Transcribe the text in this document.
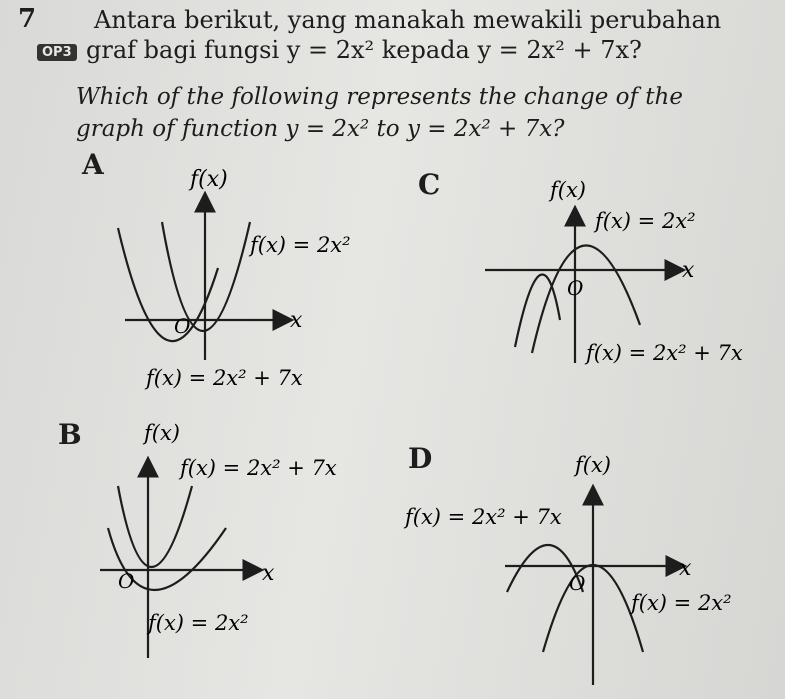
7 Antara berikut, yang manakah mewakili perubahan
OP3 graf bagi fungsi y = 2x² kepada y = 2x² + 7x?
Which of the following represents the change of the
graph of function y = 2x² to y = 2x² + 7x?
A	f(x)
x
O
f(x) = 2x²
f(x) = 2x² + 7x
C	f(x)
x
O
f(x) = 2x²
f(x) = 2x² + 7x
B	f(x)
x
O
f(x) = 2x² + 7x
f(x) = 2x²
D	f(x)
x
O
f(x) = 2x² + 7x
f(x) = 2x²
